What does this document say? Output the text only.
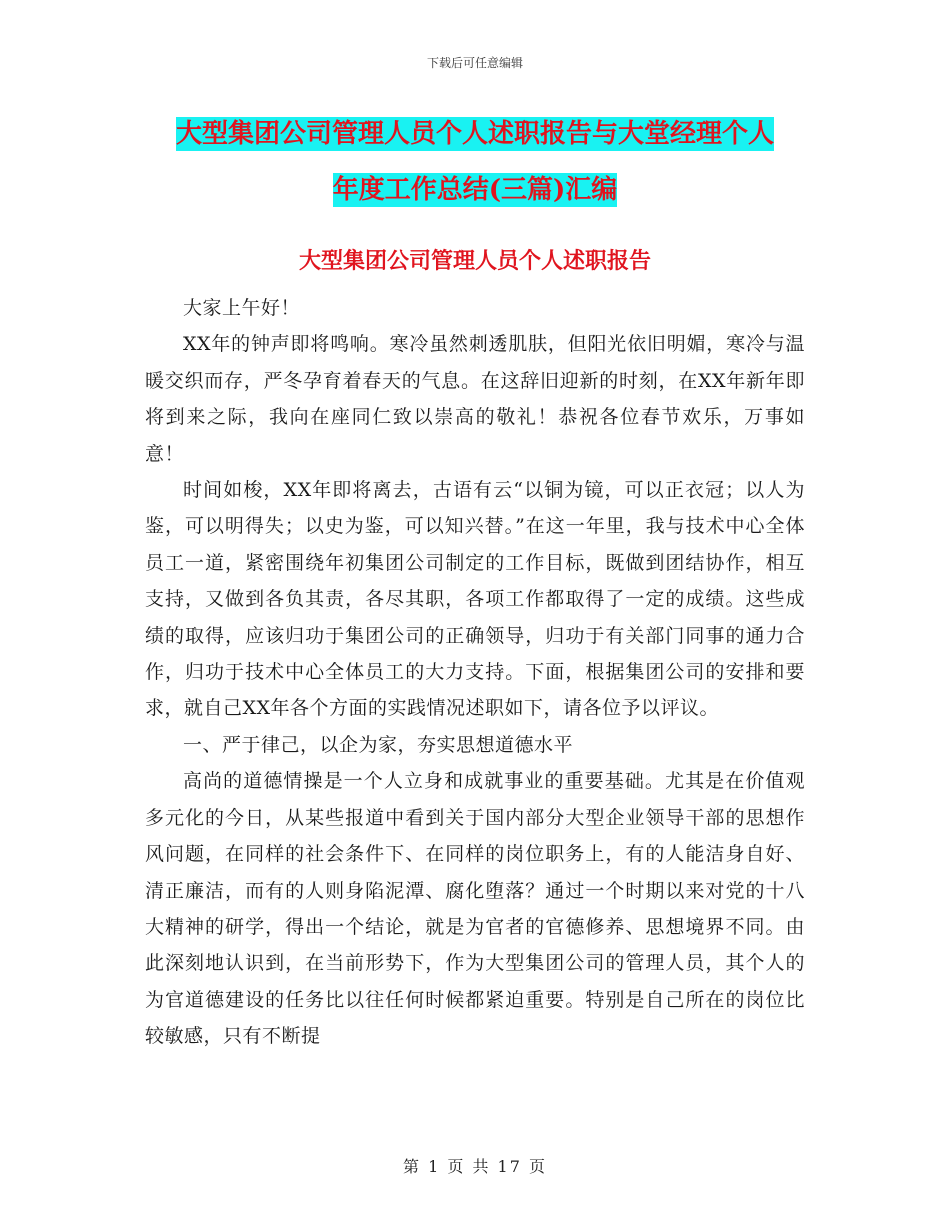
下载后可任意编辑
大型集团公司管理人员个人述职报告与大堂经理个人
年度工作总结(三篇)汇编
大型集团公司管理人员个人述职报告

大家上午好！

XX年的钟声即将鸣响。寒冷虽然刺透肌肤，但阳光依旧明媚，寒冷与温暖交织而存，严冬孕育着春天的气息。在这辞旧迎新的时刻，在XX年新年即将到来之际，我向在座同仁致以崇高的敬礼！恭祝各位春节欢乐，万事如意！

时间如梭，XX年即将离去，古语有云“以铜为镜，可以正衣冠；以人为鉴，可以明得失；以史为鉴，可以知兴替。”在这一年里，我与技术中心全体员工一道，紧密围绕年初集团公司制定的工作目标，既做到团结协作，相互支持，又做到各负其责，各尽其职，各项工作都取得了一定的成绩。这些成绩的取得，应该归功于集团公司的正确领导，归功于有关部门同事的通力合作，归功于技术中心全体员工的大力支持。下面，根据集团公司的安排和要求，就自己XX年各个方面的实践情况述职如下，请各位予以评议。

一、严于律己，以企为家，夯实思想道德水平

高尚的道德情操是一个人立身和成就事业的重要基础。尤其是在价值观多元化的今日，从某些报道中看到关于国内部分大型企业领导干部的思想作风问题，在同样的社会条件下、在同样的岗位职务上，有的人能洁身自好、清正廉洁，而有的人则身陷泥潭、腐化堕落？通过一个时期以来对党的十八大精神的研学，得出一个结论，就是为官者的官德修养、思想境界不同。由此深刻地认识到，在当前形势下，作为大型集团公司的管理人员，其个人的为官道德建设的任务比以往任何时候都紧迫重要。特别是自己所在的岗位比较敏感，只有不断提

第 1 页 共 17 页
